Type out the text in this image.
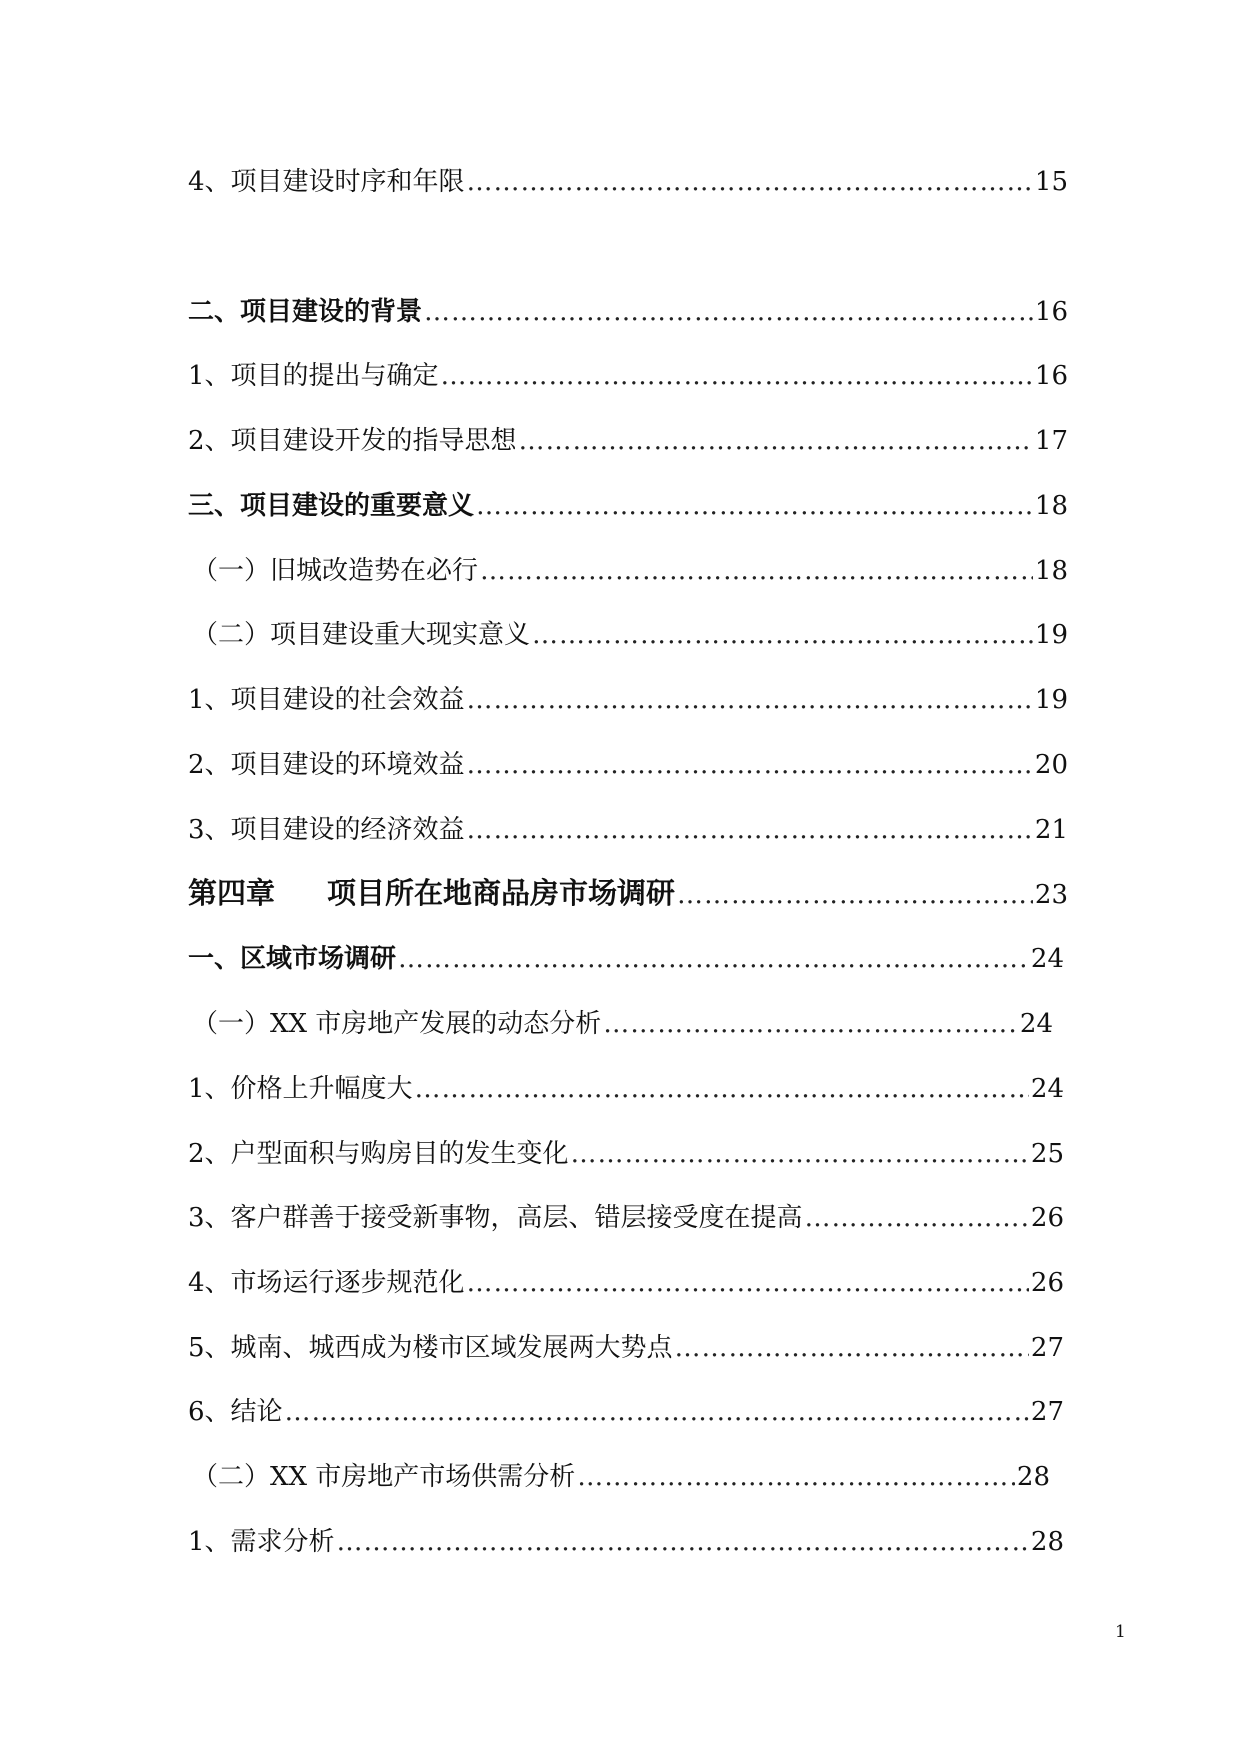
4、项目建设时序和年限 …………………………………………………………………………………………………………………………………………………………………………	15
二、项目建设的背景 …………………………………………………………………………………………………………………………………………………………………………	16
1、项目的提出与确定 …………………………………………………………………………………………………………………………………………………………………………	16
2、项目建设开发的指导思想 …………………………………………………………………………………………………………………………………………………………………………	17
三、项目建设的重要意义 …………………………………………………………………………………………………………………………………………………………………………	18
（一）旧城改造势在必行 …………………………………………………………………………………………………………………………………………………………………………	18
（二）项目建设重大现实意义 …………………………………………………………………………………………………………………………………………………………………………	19
1、项目建设的社会效益 …………………………………………………………………………………………………………………………………………………………………………	19
2、项目建设的环境效益 …………………………………………………………………………………………………………………………………………………………………………	20
3、项目建设的经济效益 …………………………………………………………………………………………………………………………………………………………………………	21
第四章 项目所在地商品房市场调研 …………………………………………………………………………………………………………………………………………………………………………	23
一、区域市场调研 …………………………………………………………………………………………………………………………………………………………………………	24
（一）XX 市房地产发展的动态分析 …………………………………………………………………………………………………………………………………………………………………………	24
1、价格上升幅度大 …………………………………………………………………………………………………………………………………………………………………………	24
2、户型面积与购房目的发生变化 …………………………………………………………………………………………………………………………………………………………………………	25
3、客户群善于接受新事物，高层、错层接受度在提高 …………………………………………………………………………………………………………………………………………………………………………	26
4、市场运行逐步规范化 …………………………………………………………………………………………………………………………………………………………………………	26
5、城南、城西成为楼市区域发展两大势点 …………………………………………………………………………………………………………………………………………………………………………	27
6、结论 …………………………………………………………………………………………………………………………………………………………………………	27
（二）XX 市房地产市场供需分析 …………………………………………………………………………………………………………………………………………………………………………	28
1、需求分析 …………………………………………………………………………………………………………………………………………………………………………	28
1
